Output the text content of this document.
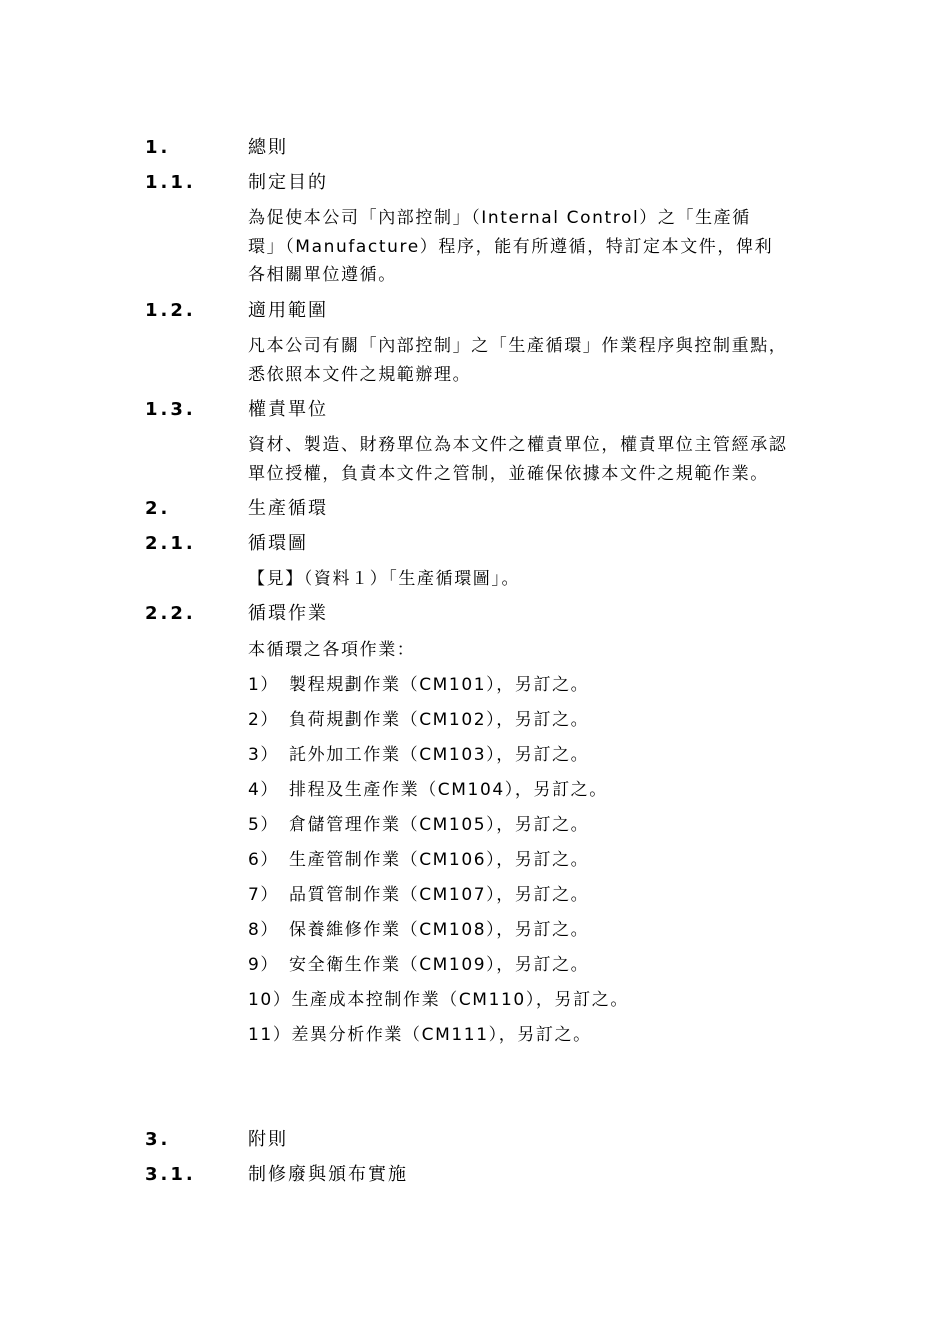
1.	總則
1.1.	制定目的
為促使本公司「內部控制」（Internal Control）之「生產循
環」（Manufacture）程序，能有所遵循，特訂定本文件，俾利
各相關單位遵循。
1.2.	適用範圍
凡本公司有關「內部控制」之「生產循環」作業程序與控制重點，
悉依照本文件之規範辦理。
1.3.	權責單位
資材、製造、財務單位為本文件之權責單位，權責單位主管經承認
單位授權，負責本文件之管制，並確保依據本文件之規範作業。
2.	生產循環
2.1.	循環圖
【見】（資料１）「生產循環圖」。
2.2.	循環作業
本循環之各項作業：
1） 製程規劃作業（CM101），另訂之。
2） 負荷規劃作業（CM102），另訂之。
3） 託外加工作業（CM103），另訂之。
4） 排程及生產作業（CM104），另訂之。
5） 倉儲管理作業（CM105），另訂之。
6） 生產管制作業（CM106），另訂之。
7） 品質管制作業（CM107），另訂之。
8） 保養維修作業（CM108），另訂之。
9） 安全衛生作業（CM109），另訂之。
10）生產成本控制作業（CM110），另訂之。
11）差異分析作業（CM111），另訂之。
3.	附則
3.1.	制修廢與頒布實施
